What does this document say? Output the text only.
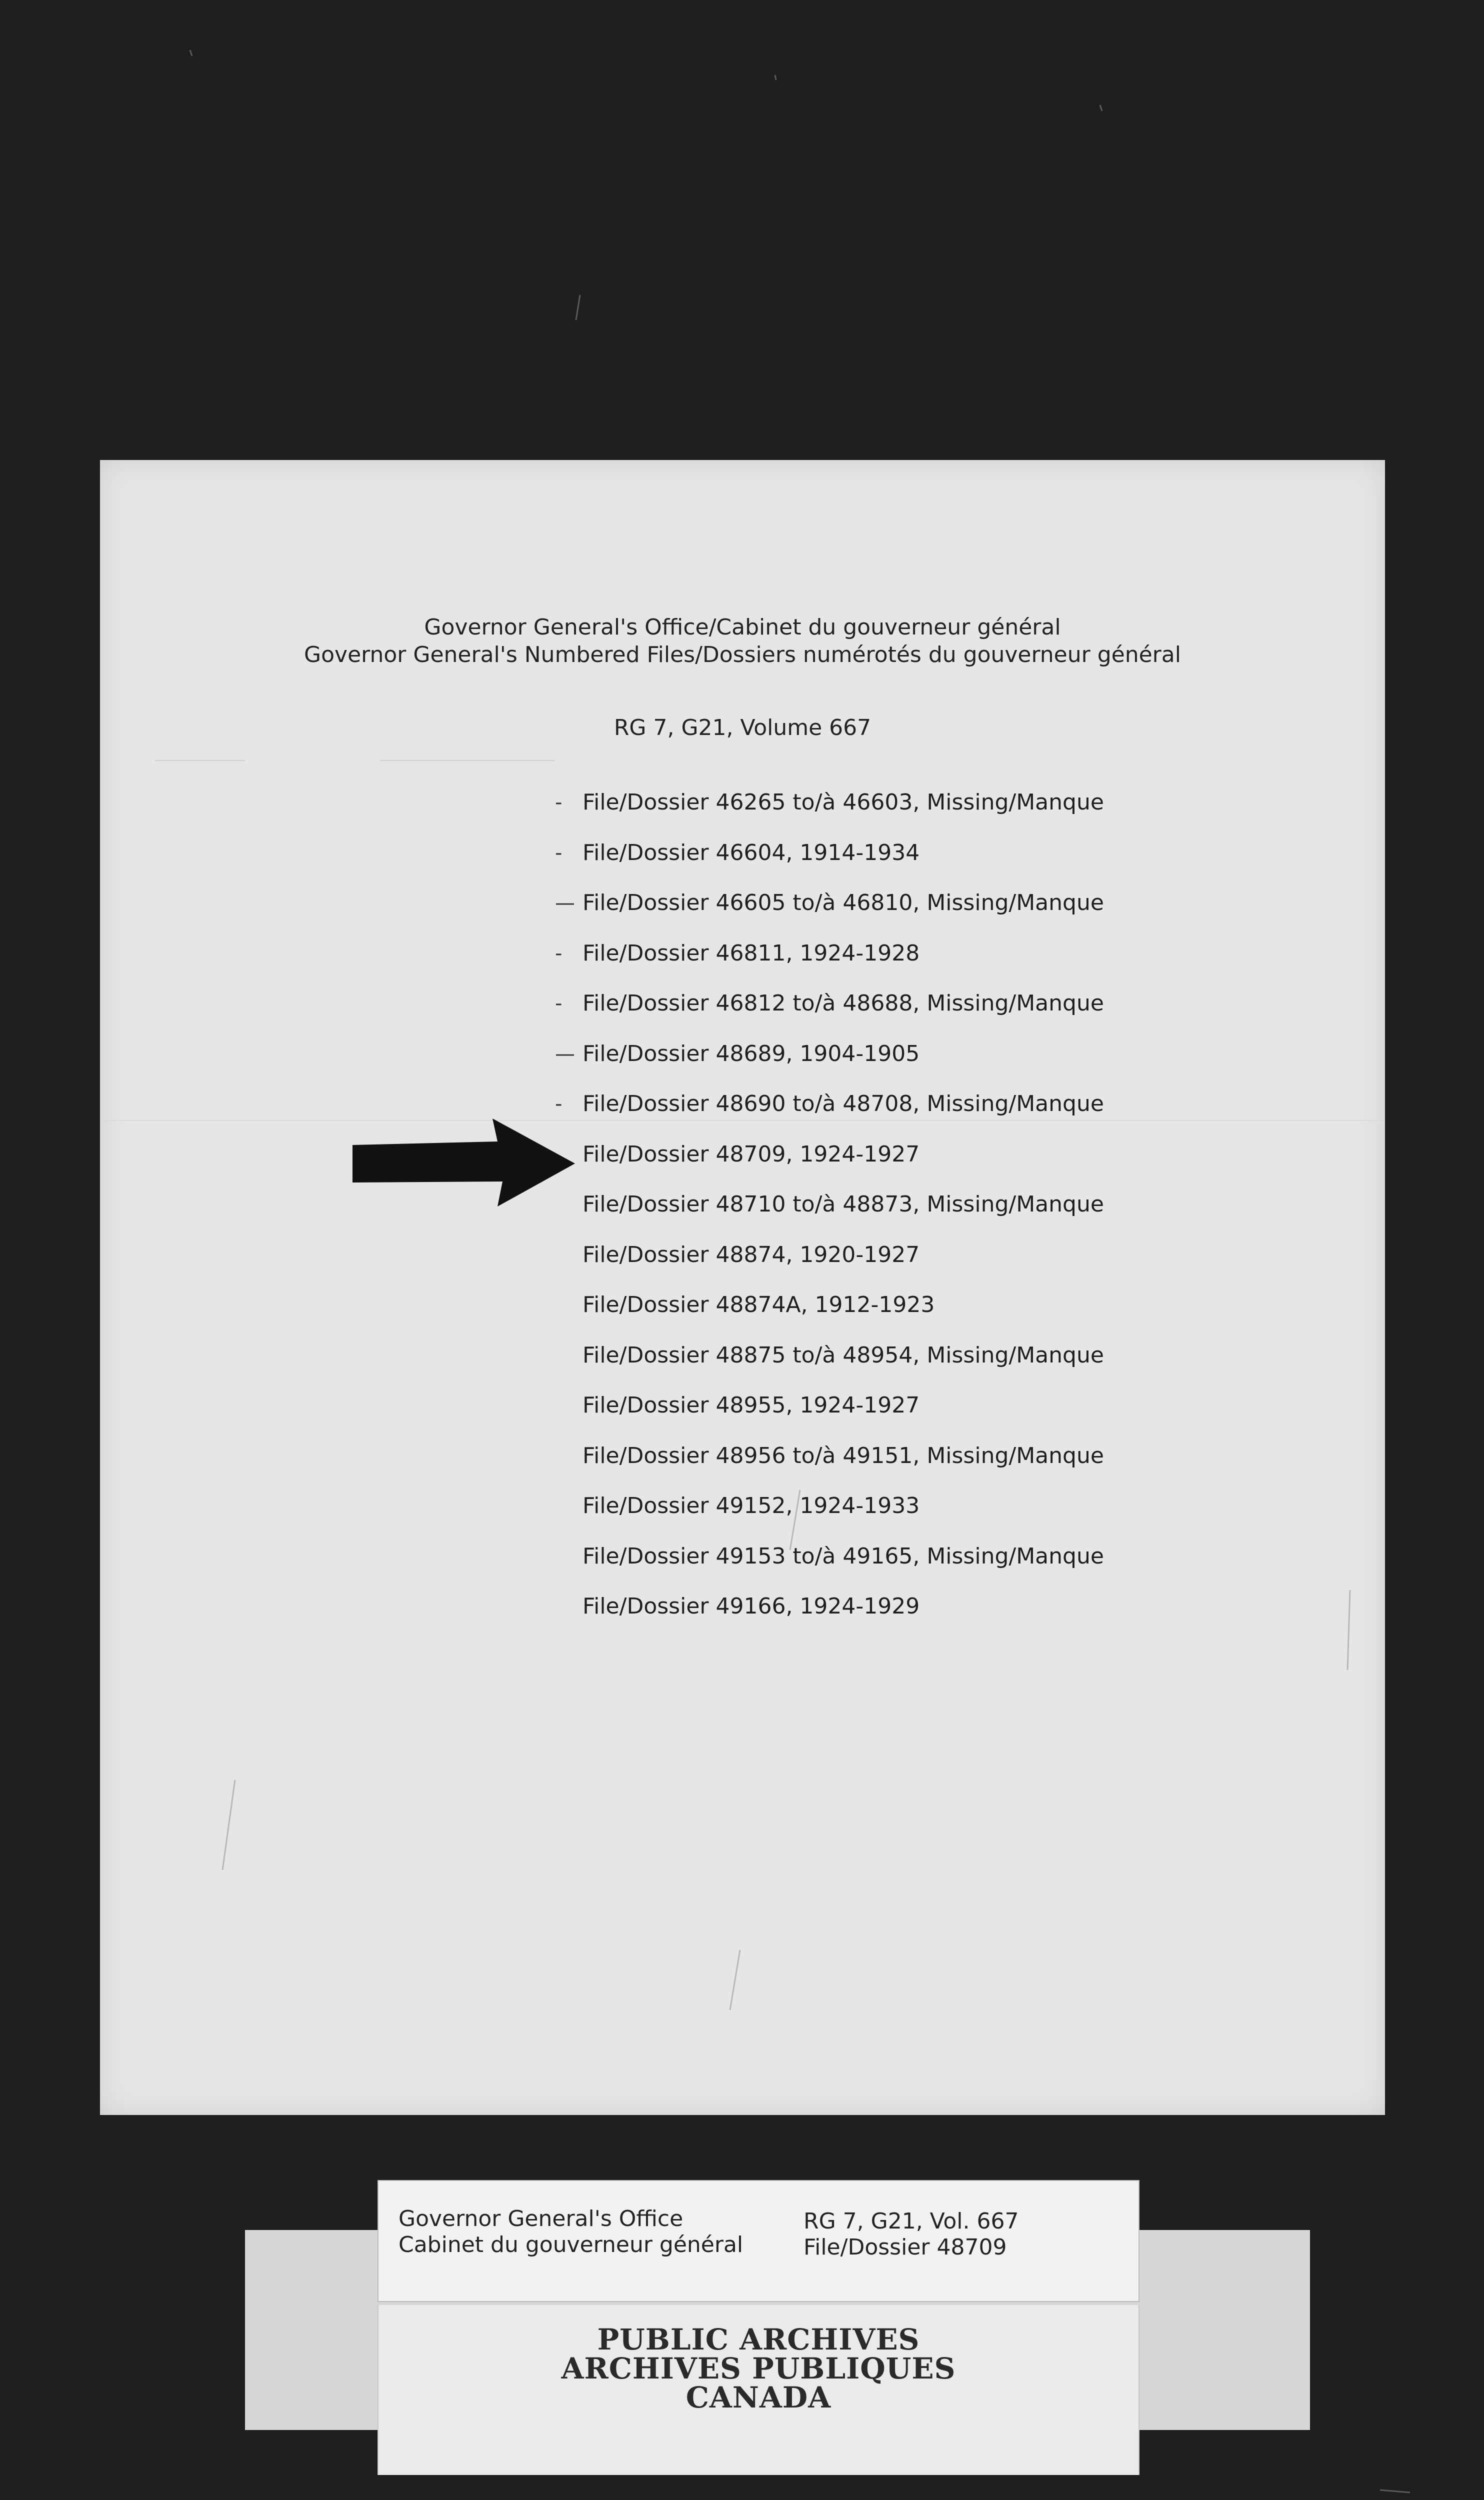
Governor General's Office/Cabinet du gouverneur général
Governor General's Numbered Files/Dossiers numérotés du gouverneur général
RG 7, G21, Volume 667
- File/Dossier 46265 to/à 46603, Missing/Manque
- File/Dossier 46604, 1914-1934
— File/Dossier 46605 to/à 46810, Missing/Manque
- File/Dossier 46811, 1924-1928
- File/Dossier 46812 to/à 48688, Missing/Manque
— File/Dossier 48689, 1904-1905
- File/Dossier 48690 to/à 48708, Missing/Manque
File/Dossier 48709, 1924-1927
File/Dossier 48710 to/à 48873, Missing/Manque
File/Dossier 48874, 1920-1927
File/Dossier 48874A, 1912-1923
File/Dossier 48875 to/à 48954, Missing/Manque
File/Dossier 48955, 1924-1927
File/Dossier 48956 to/à 49151, Missing/Manque
File/Dossier 49152, 1924-1933
File/Dossier 49153 to/à 49165, Missing/Manque
File/Dossier 49166, 1924-1929
Governor General's Office
Cabinet du gouverneur général
RG 7, G21, Vol. 667
File/Dossier 48709
PUBLIC ARCHIVES
ARCHIVES PUBLIQUES
CANADA
